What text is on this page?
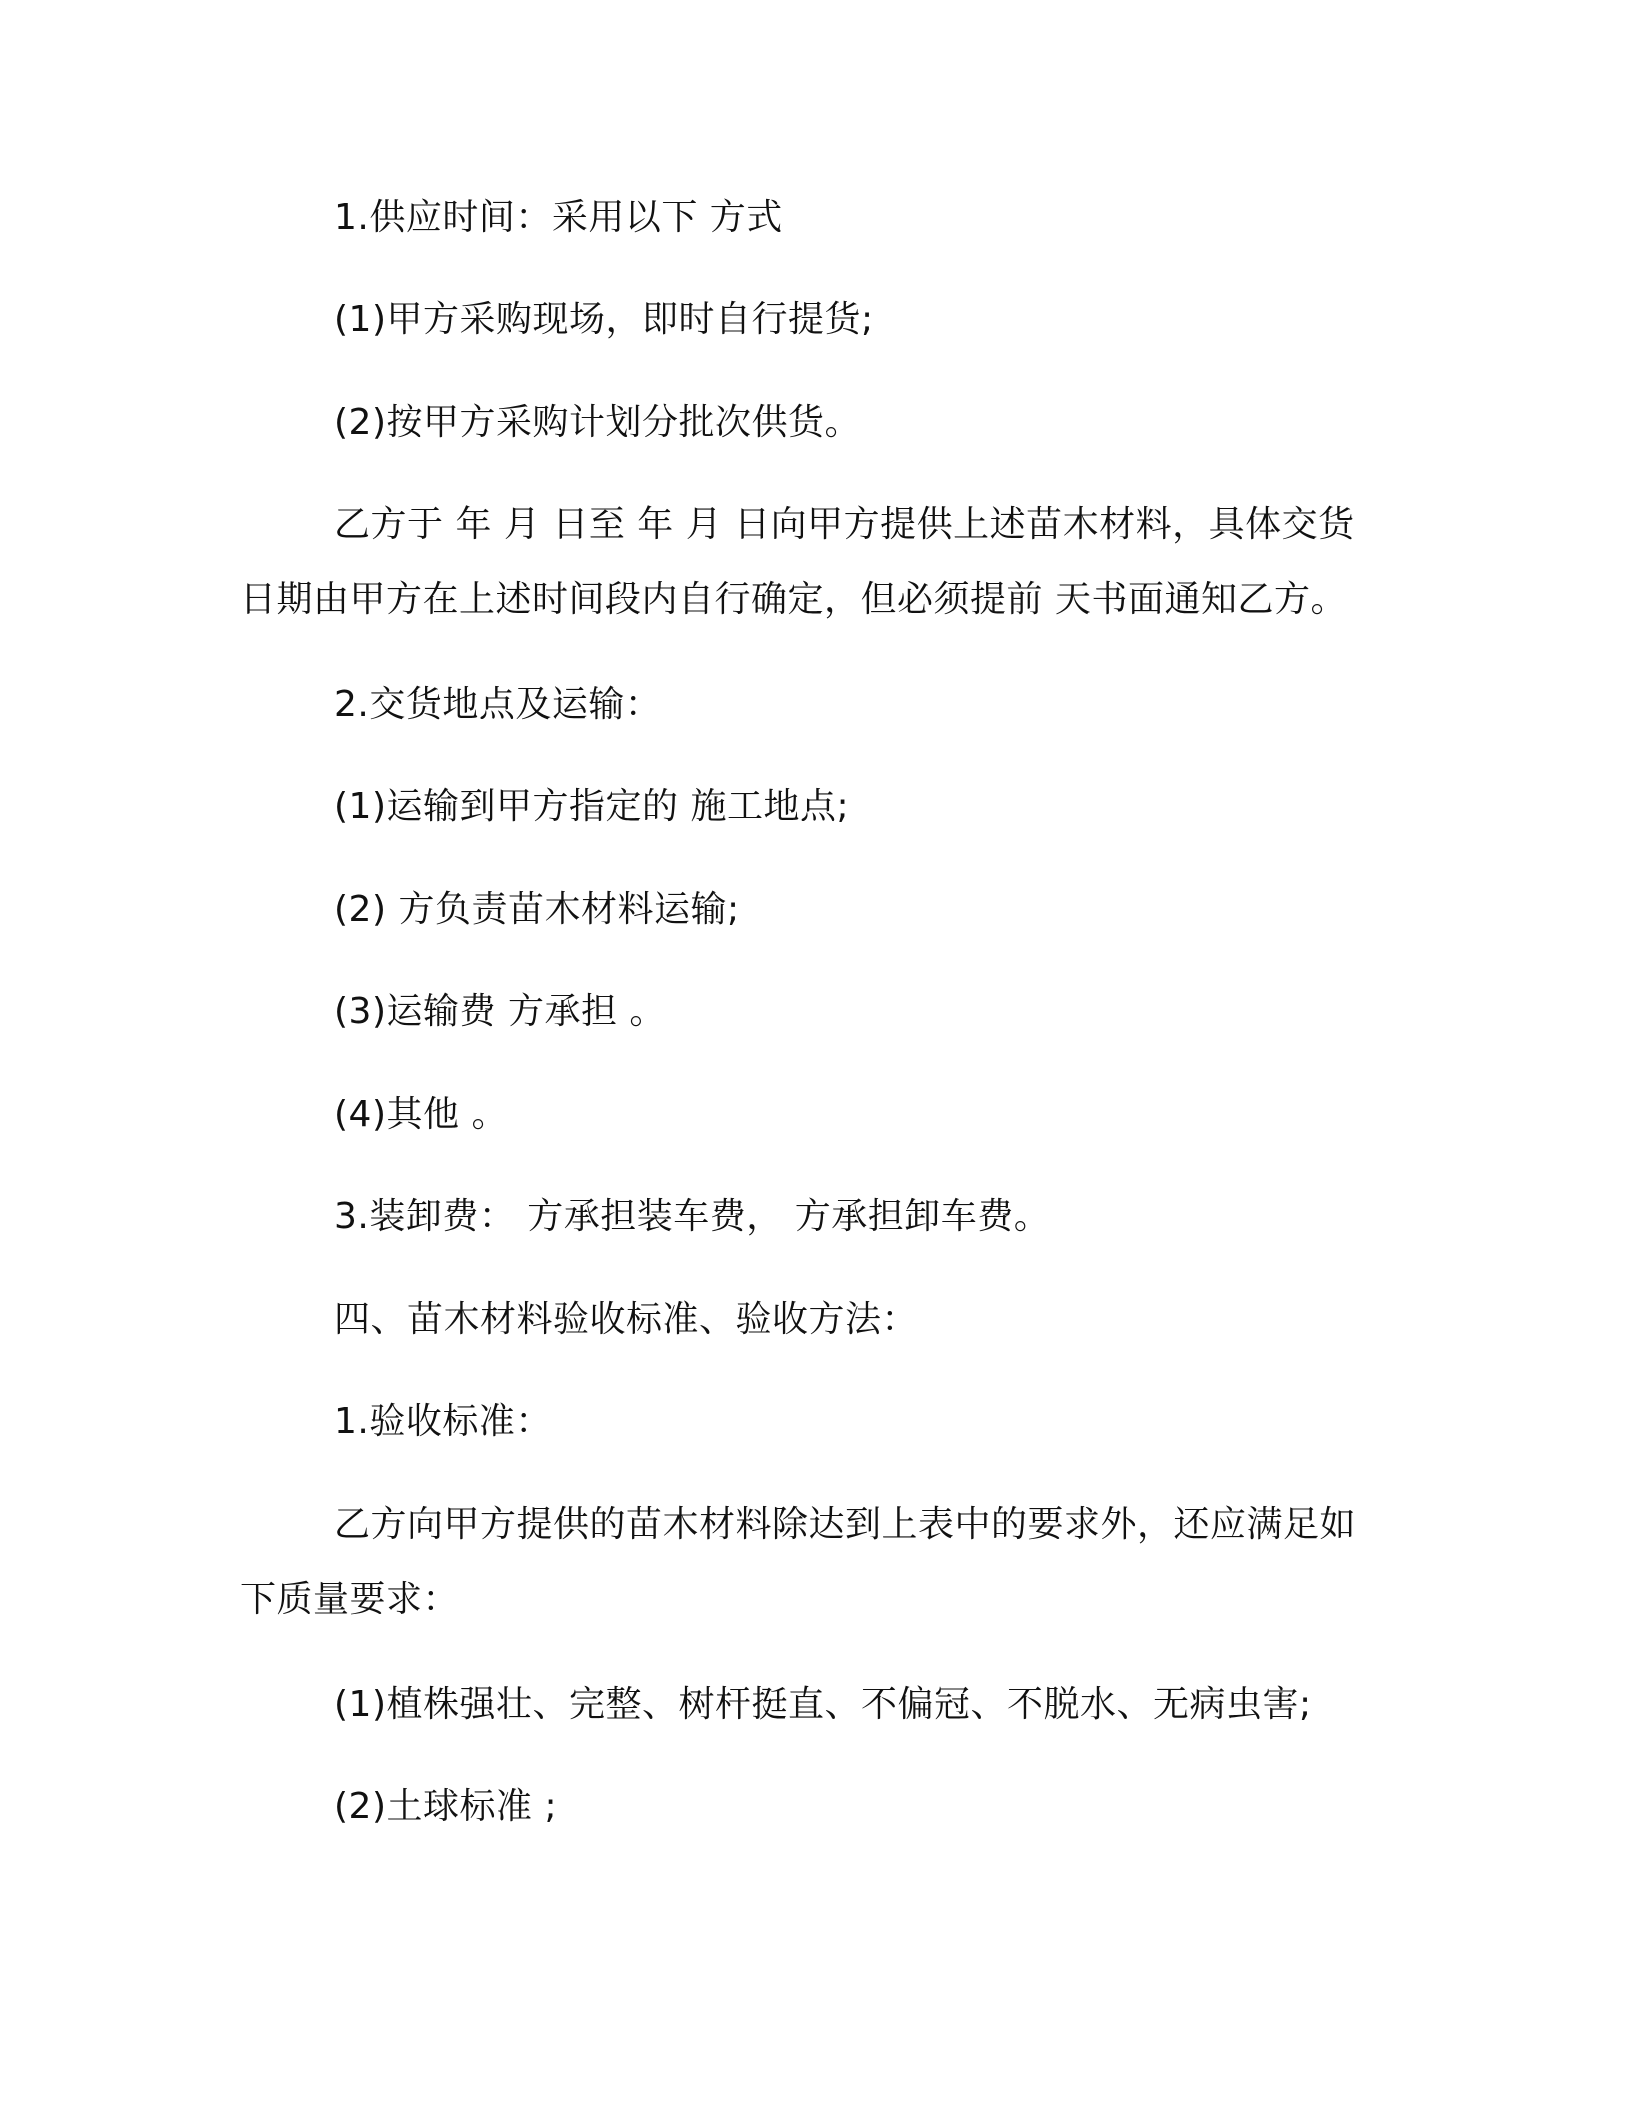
1.供应时间：采用以下 方式
(1)甲方采购现场，即时自行提货;
(2)按甲方采购计划分批次供货。
乙方于 年 月 日至 年 月 日向甲方提供上述苗木材料，具体交货
日期由甲方在上述时间段内自行确定，但必须提前 天书面通知乙方。
2.交货地点及运输：
(1)运输到甲方指定的 施工地点;
(2) 方负责苗木材料运输;
(3)运输费 方承担 。
(4)其他 。
3.装卸费： 方承担装车费， 方承担卸车费。
四、苗木材料验收标准、验收方法：
1.验收标准：
乙方向甲方提供的苗木材料除达到上表中的要求外，还应满足如
下质量要求：
(1)植株强壮、完整、树杆挺直、不偏冠、不脱水、无病虫害;
(2)土球标准 ;
